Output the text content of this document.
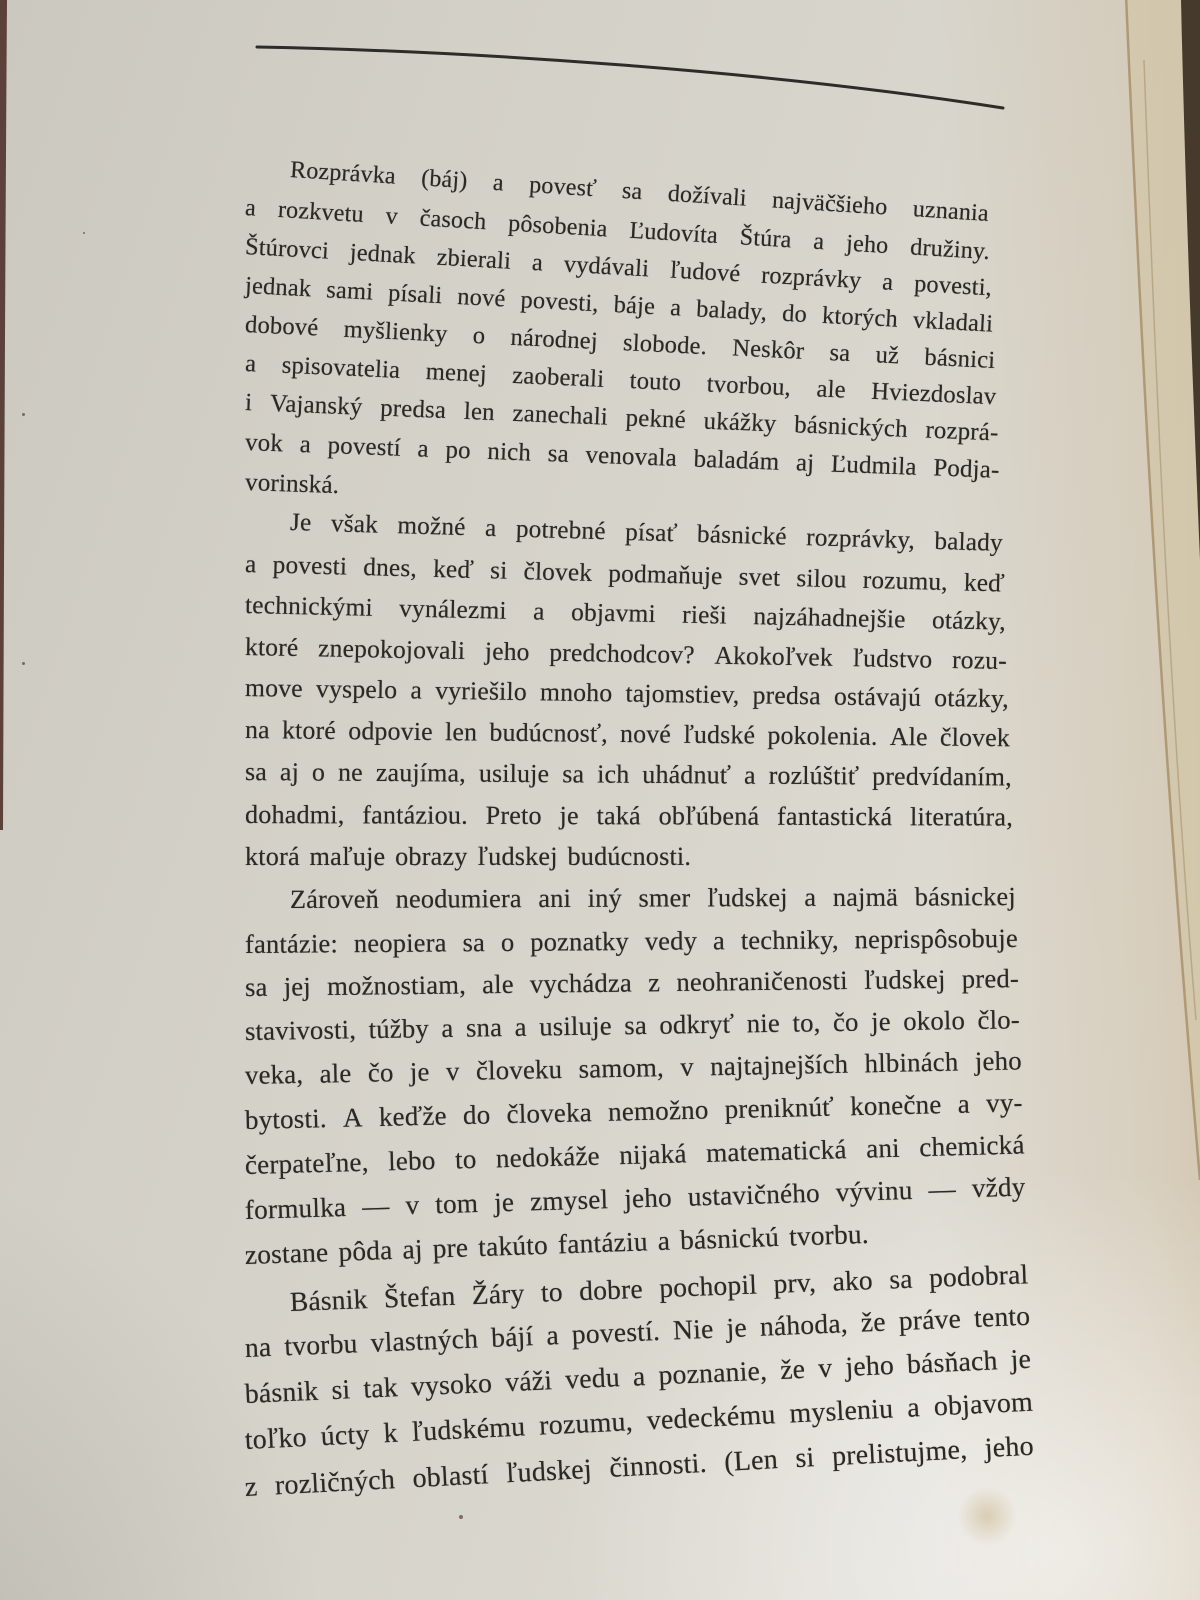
Rozprávka (báj) a povesť sa dožívali najväčšieho uznania
a rozkvetu v časoch pôsobenia Ľudovíta Štúra a jeho družiny.
Štúrovci jednak zbierali a vydávali ľudové rozprávky a povesti,
jednak sami písali nové povesti, báje a balady, do ktorých vkladali
dobové myšlienky o národnej slobode. Neskôr sa už básnici
a spisovatelia menej zaoberali touto tvorbou, ale Hviezdoslav
i Vajanský predsa len zanechali pekné ukážky básnických rozprá-
vok a povestí a po nich sa venovala baladám aj Ľudmila Podja-
vorinská.
Je však možné a potrebné písať básnické rozprávky, balady
a povesti dnes, keď si človek podmaňuje svet silou rozumu, keď
technickými vynálezmi a objavmi rieši najzáhadnejšie otázky,
ktoré znepokojovali jeho predchodcov? Akokoľvek ľudstvo rozu-
move vyspelo a vyriešilo mnoho tajomstiev, predsa ostávajú otázky,
na ktoré odpovie len budúcnosť, nové ľudské pokolenia. Ale človek
sa aj o ne zaujíma, usiluje sa ich uhádnuť a rozlúštiť predvídaním,
dohadmi, fantáziou. Preto je taká obľúbená fantastická literatúra,
ktorá maľuje obrazy ľudskej budúcnosti.
Zároveň neodumiera ani iný smer ľudskej a najmä básnickej
fantázie: neopiera sa o poznatky vedy a techniky, neprispôsobuje
sa jej možnostiam, ale vychádza z neohraničenosti ľudskej pred-
stavivosti, túžby a sna a usiluje sa odkryť nie to, čo je okolo člo-
veka, ale čo je v človeku samom, v najtajnejších hlbinách jeho
bytosti. A keďže do človeka nemožno preniknúť konečne a vy-
čerpateľne, lebo to nedokáže nijaká matematická ani chemická
formulka — v tom je zmysel jeho ustavičného vývinu — vždy
zostane pôda aj pre takúto fantáziu a básnickú tvorbu.
Básnik Štefan Žáry to dobre pochopil prv, ako sa podobral
na tvorbu vlastných bájí a povestí. Nie je náhoda, že práve tento
básnik si tak vysoko váži vedu a poznanie, že v jeho básňach je
toľko úcty k ľudskému rozumu, vedeckému mysleniu a objavom
z rozličných oblastí ľudskej činnosti. (Len si prelistujme, jeho
